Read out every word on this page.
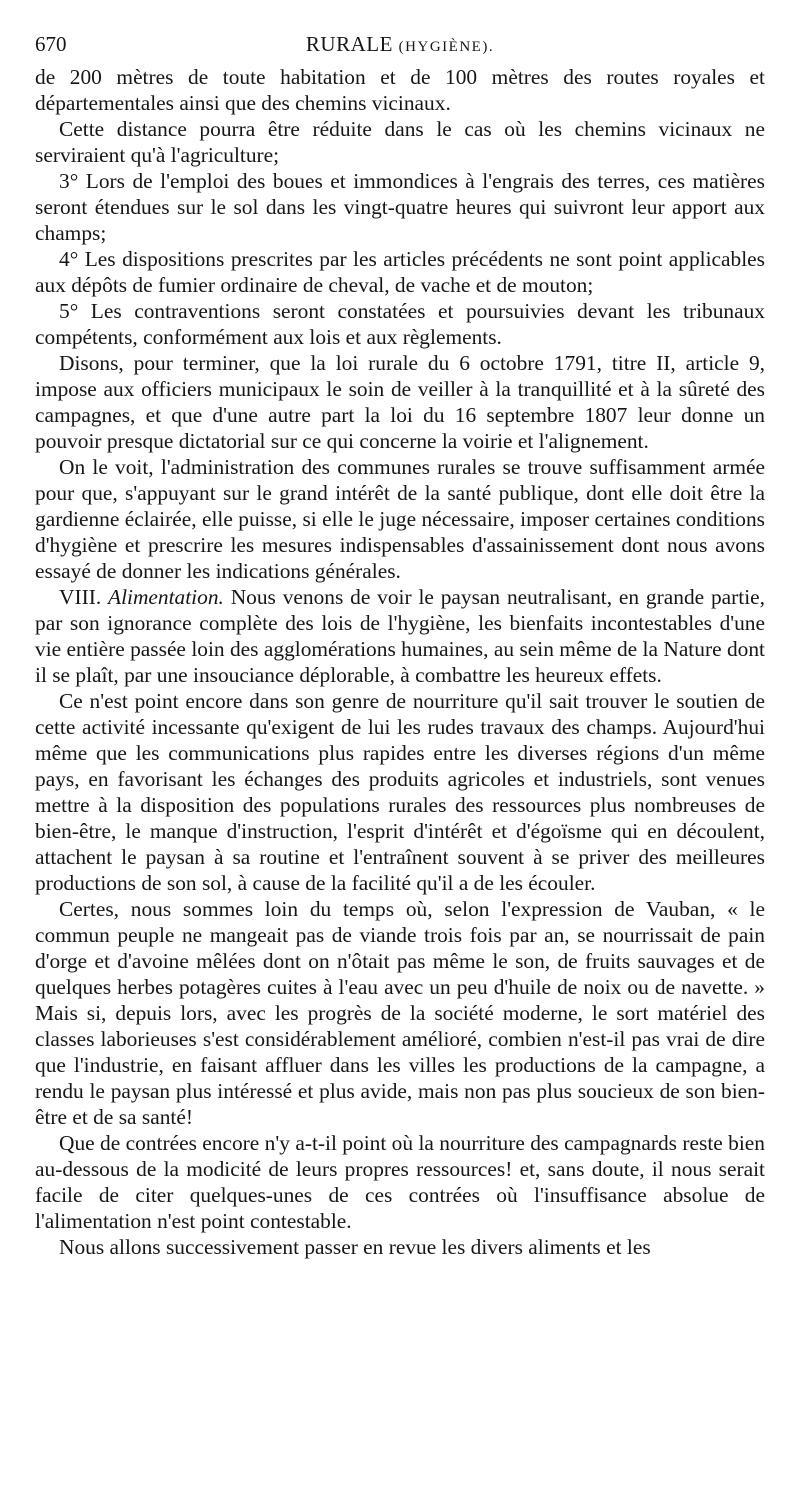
670	RURALE (HYGIÈNE).

de 200 mètres de toute habitation et de 100 mètres des routes royales et départementales ainsi que des chemins vicinaux.

Cette distance pourra être réduite dans le cas où les chemins vicinaux ne serviraient qu'à l'agriculture;

3° Lors de l'emploi des boues et immondices à l'engrais des terres, ces matières seront étendues sur le sol dans les vingt-quatre heures qui suivront leur apport aux champs;

4° Les dispositions prescrites par les articles précédents ne sont point applicables aux dépôts de fumier ordinaire de cheval, de vache et de mouton;

5° Les contraventions seront constatées et poursuivies devant les tribunaux compétents, conformément aux lois et aux règlements.

Disons, pour terminer, que la loi rurale du 6 octobre 1791, titre II, article 9, impose aux officiers municipaux le soin de veiller à la tranquillité et à la sûreté des campagnes, et que d'une autre part la loi du 16 septembre 1807 leur donne un pouvoir presque dictatorial sur ce qui concerne la voirie et l'alignement.

On le voit, l'administration des communes rurales se trouve suffisamment armée pour que, s'appuyant sur le grand intérêt de la santé publique, dont elle doit être la gardienne éclairée, elle puisse, si elle le juge nécessaire, imposer certaines conditions d'hygiène et prescrire les mesures indispensables d'assainissement dont nous avons essayé de donner les indications générales.

VIII. Alimentation. Nous venons de voir le paysan neutralisant, en grande partie, par son ignorance complète des lois de l'hygiène, les bienfaits incontestables d'une vie entière passée loin des agglomérations humaines, au sein même de la Nature dont il se plaît, par une insouciance déplorable, à combattre les heureux effets.

Ce n'est point encore dans son genre de nourriture qu'il sait trouver le soutien de cette activité incessante qu'exigent de lui les rudes travaux des champs. Aujourd'hui même que les communications plus rapides entre les diverses régions d'un même pays, en favorisant les échanges des produits agricoles et industriels, sont venues mettre à la disposition des populations rurales des ressources plus nombreuses de bien-être, le manque d'instruction, l'esprit d'intérêt et d'égoïsme qui en découlent, attachent le paysan à sa routine et l'entraînent souvent à se priver des meilleures productions de son sol, à cause de la facilité qu'il a de les écouler.

Certes, nous sommes loin du temps où, selon l'expression de Vauban, « le commun peuple ne mangeait pas de viande trois fois par an, se nourrissait de pain d'orge et d'avoine mêlées dont on n'ôtait pas même le son, de fruits sauvages et de quelques herbes potagères cuites à l'eau avec un peu d'huile de noix ou de navette. » Mais si, depuis lors, avec les progrès de la société moderne, le sort matériel des classes laborieuses s'est considérablement amélioré, combien n'est-il pas vrai de dire que l'industrie, en faisant affluer dans les villes les productions de la campagne, a rendu le paysan plus intéressé et plus avide, mais non pas plus soucieux de son bien-être et de sa santé!

Que de contrées encore n'y a-t-il point où la nourriture des campagnards reste bien au-dessous de la modicité de leurs propres ressources! et, sans doute, il nous serait facile de citer quelques-unes de ces contrées où l'insuffisance absolue de l'alimentation n'est point contestable.

Nous allons successivement passer en revue les divers aliments et les
